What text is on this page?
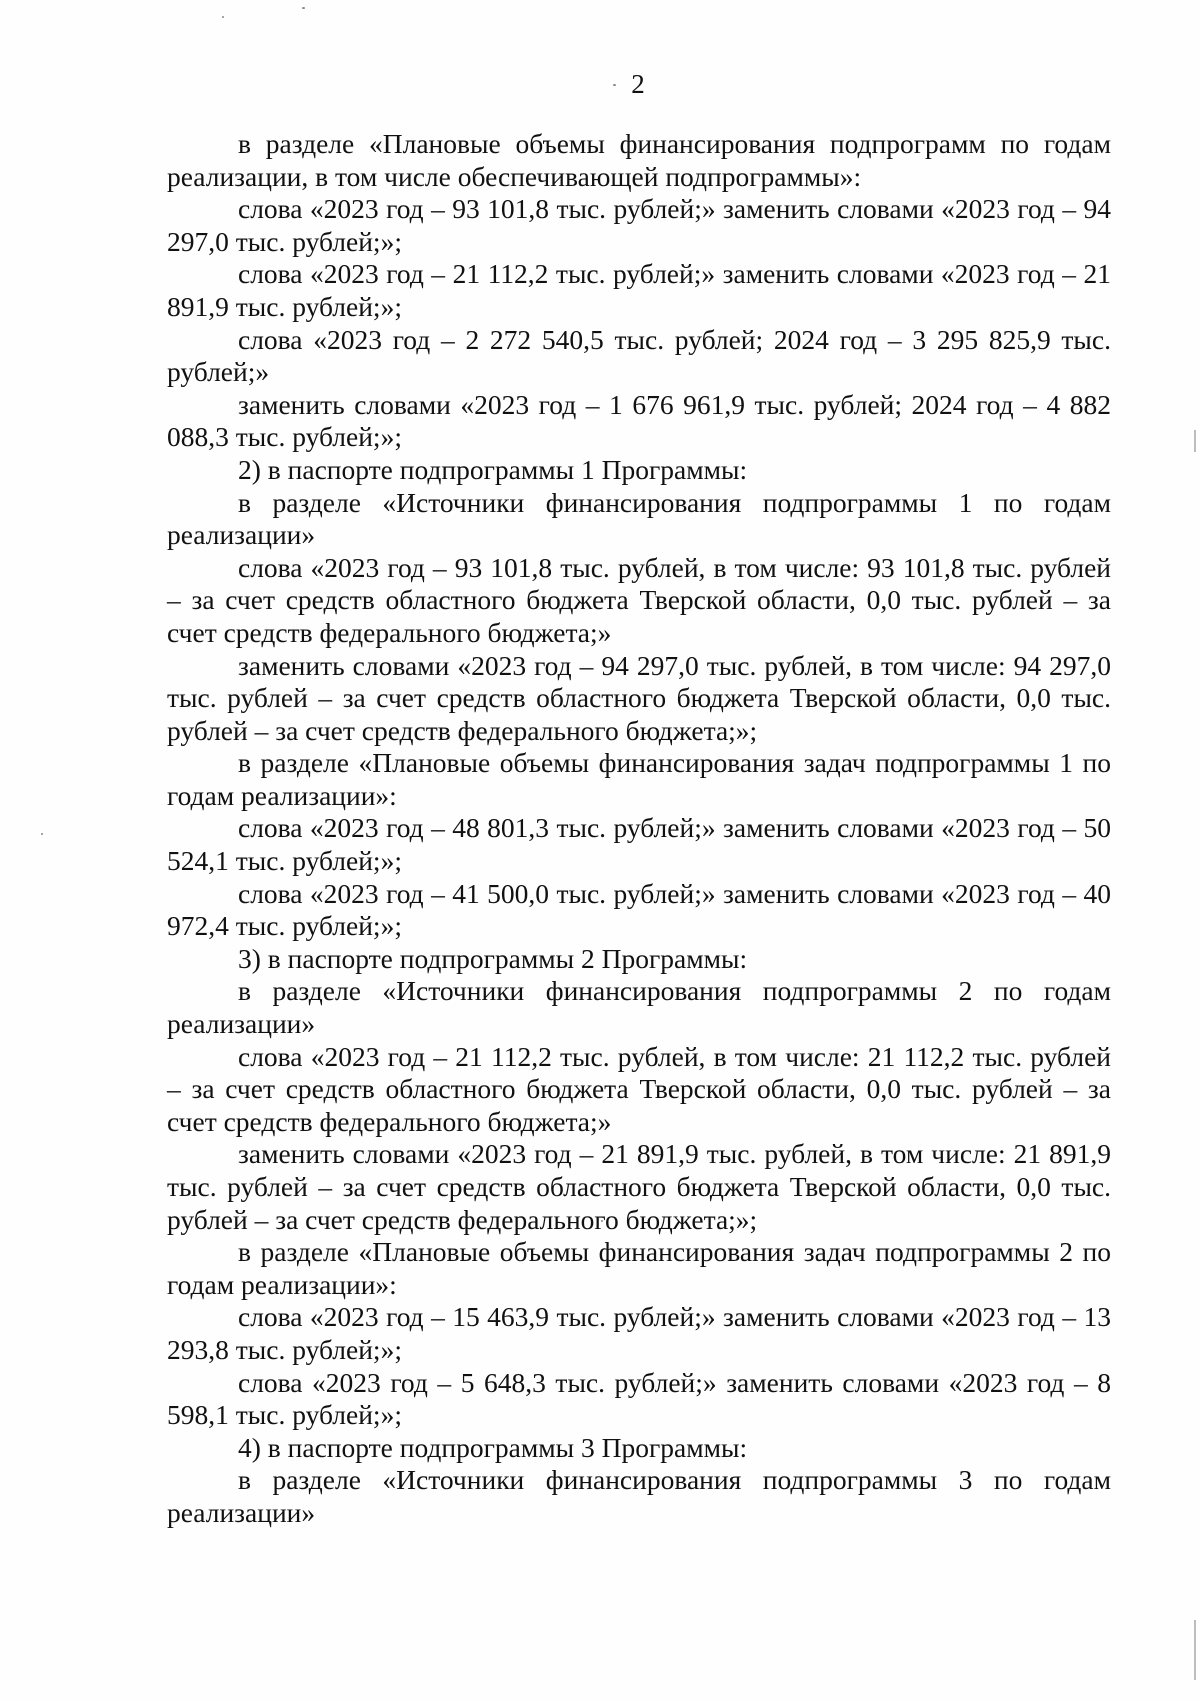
2

в разделе «Плановые объемы финансирования подпрограмм по годам реализации, в том числе обеспечивающей подпрограммы»:

слова «2023 год – 93 101,8 тыс. рублей;» заменить словами «2023 год – 94 297,0 тыс. рублей;»;

слова «2023 год – 21 112,2 тыс. рублей;» заменить словами «2023 год – 21 891,9 тыс. рублей;»;

слова «2023 год – 2 272 540,5 тыс. рублей; 2024 год – 3 295 825,9 тыс. рублей;»

заменить словами «2023 год – 1 676 961,9 тыс. рублей; 2024 год – 4 882 088,3 тыс. рублей;»;

2) в паспорте подпрограммы 1 Программы:

в разделе «Источники финансирования подпрограммы 1 по годам реализации»

слова «2023 год – 93 101,8 тыс. рублей, в том числе: 93 101,8 тыс. рублей – за счет средств областного бюджета Тверской области, 0,0 тыс. рублей – за счет средств федерального бюджета;»

заменить словами «2023 год – 94 297,0 тыс. рублей, в том числе: 94 297,0 тыс. рублей – за счет средств областного бюджета Тверской области, 0,0 тыс. рублей – за счет средств федерального бюджета;»;

в разделе «Плановые объемы финансирования задач подпрограммы 1 по годам реализации»:

слова «2023 год – 48 801,3 тыс. рублей;» заменить словами «2023 год – 50 524,1 тыс. рублей;»;

слова «2023 год – 41 500,0 тыс. рублей;» заменить словами «2023 год – 40 972,4 тыс. рублей;»;

3) в паспорте подпрограммы 2 Программы:

в разделе «Источники финансирования подпрограммы 2 по годам реализации»

слова «2023 год – 21 112,2 тыс. рублей, в том числе: 21 112,2 тыс. рублей – за счет средств областного бюджета Тверской области, 0,0 тыс. рублей – за счет средств федерального бюджета;»

заменить словами «2023 год – 21 891,9 тыс. рублей, в том числе: 21 891,9 тыс. рублей – за счет средств областного бюджета Тверской области, 0,0 тыс. рублей – за счет средств федерального бюджета;»;

в разделе «Плановые объемы финансирования задач подпрограммы 2 по годам реализации»:

слова «2023 год – 15 463,9 тыс. рублей;» заменить словами «2023 год – 13 293,8 тыс. рублей;»;

слова «2023 год – 5 648,3 тыс. рублей;» заменить словами «2023 год – 8 598,1 тыс. рублей;»;

4) в паспорте подпрограммы 3 Программы:

в разделе «Источники финансирования подпрограммы 3 по годам реализации»
